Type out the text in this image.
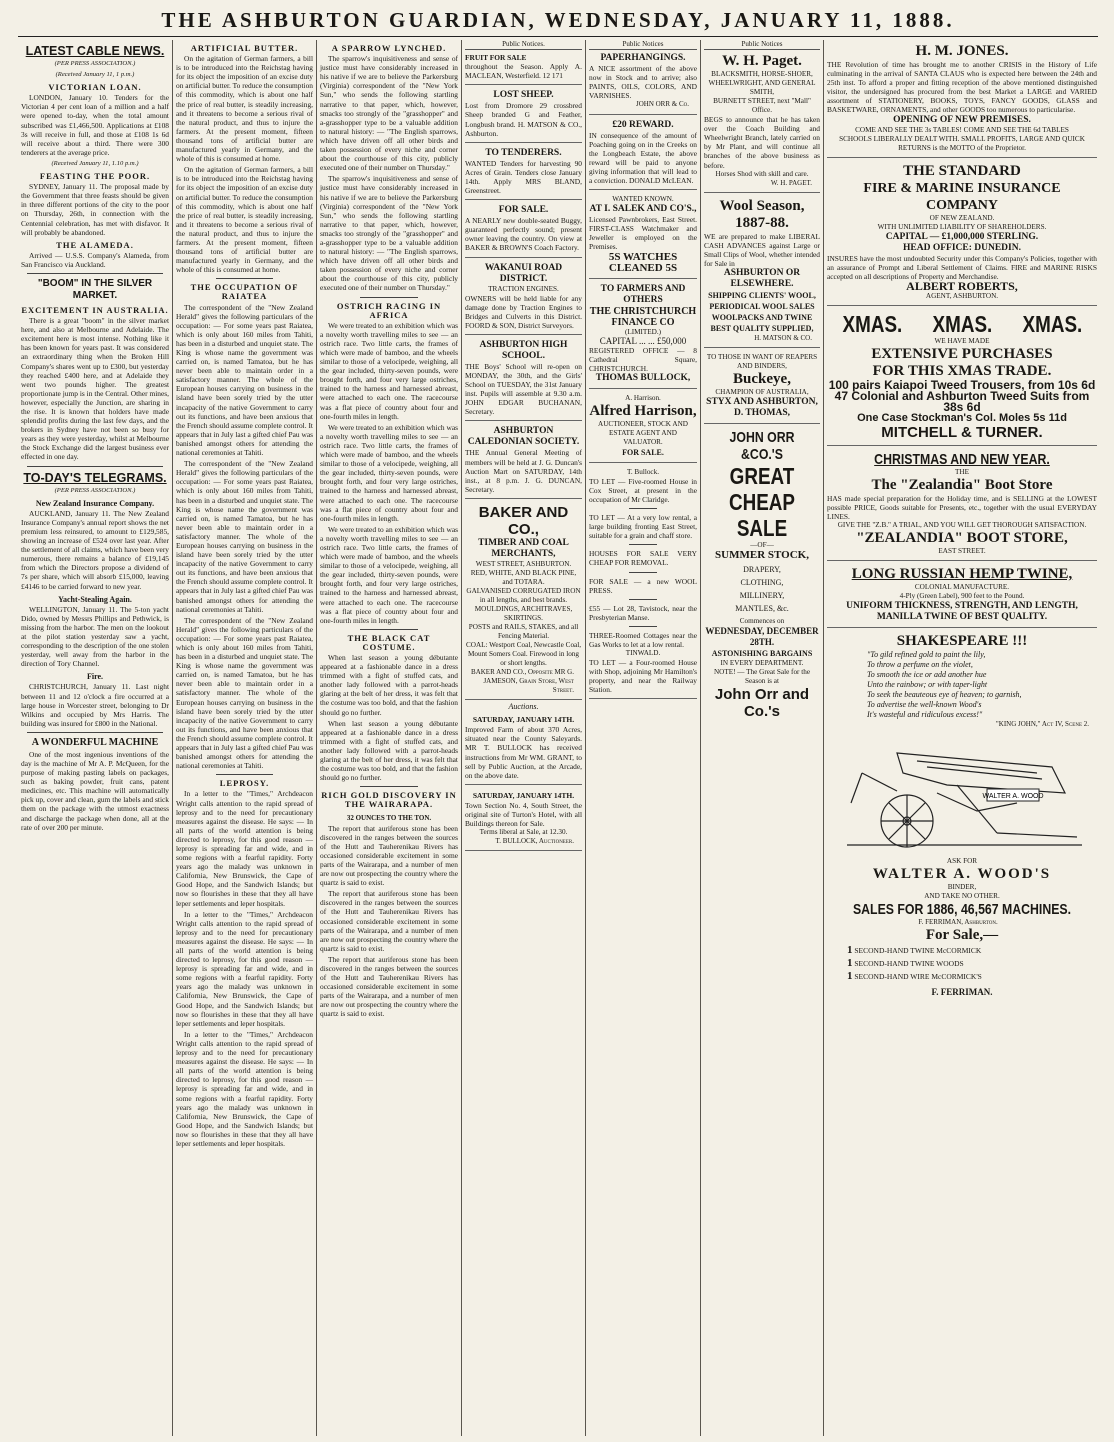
THE ASHBURTON GUARDIAN, WEDNESDAY, JANUARY 11, 1888.
LATEST CABLE NEWS.
(PER PRESS ASSOCIATION.)
(Received January 11, 1 p.m.)
VICTORIAN LOAN.

LONDON, January 10. Tenders for the Victorian 4 per cent loan of a million and a half were opened to-day, when the total amount subscribed was £1,466,500. Applications at £108 3s will receive in full, and those at £108 1s 6d will receive about a third. There were 300 tenderers at the average price.

(Received January 11, 1.10 p.m.)
FEASTING THE POOR.

SYDNEY, January 11. The proposal made by the Government that three feasts should be given in three different portions of the city to the poor on Thursday, 26th, in connection with the Centennial celebration, has met with disfavor. It will probably be abandoned.

THE ALAMEDA.

Arrived — U.S.S. Company's Alameda, from San Francisco via Auckland.

"BOOM" IN THE SILVER MARKET.
EXCITEMENT IN AUSTRALIA.

There is a great "boom" in the silver market here, and also at Melbourne and Adelaide. The excitement here is most intense. Nothing like it has been known for years past. It was considered an extraordinary thing when the Broken Hill Company's shares went up to £300, but yesterday they reached £400 here, and at Adelaide they went two pounds higher. The greatest proportionate jump is in the Central. Other mines, however, especially the Junction, are sharing in the rise. It is known that holders have made splendid profits during the last few days, and the brokers in Sydney have not been so busy for years as they were yesterday, whilst at Melbourne the Stock Exchange did the largest business ever effected in one day.

TO-DAY'S TELEGRAMS.
(PER PRESS ASSOCIATION.)
New Zealand Insurance Company.

AUCKLAND, January 11. The New Zealand Insurance Company's annual report shows the net premium less reinsured, to amount to £129,585, showing an increase of £524 over last year. After the settlement of all claims, which have been very numerous, there remains a balance of £19,145 from which the Directors propose a dividend of 7s per share, which will absorb £15,000, leaving £4146 to be carried forward to new year.

Yacht-Stealing Again.

WELLINGTON, January 11. The 5-ton yacht Dido, owned by Messrs Phillips and Pethwick, is missing from the harbor. The men on the lookout at the pilot station yesterday saw a yacht, corresponding to the description of the one stolen yesterday, well away from the harbor in the direction of Tory Channel.

Fire.

CHRISTCHURCH, January 11. Last night between 11 and 12 o'clock a fire occurred at a large house in Worcester street, belonging to Dr Wilkins and occupied by Mrs Harris. The building was insured for £800 in the National.

A WONDERFUL MACHINE

One of the most ingenious inventions of the day is the machine of Mr A. P. McQueen, for the purpose of making pasting labels on packages, such as baking powder, fruit cans, patent medicines, etc. This machine will automatically pick up, cover and clean, gum the labels and stick them on the package with the utmost exactness and discharge the package when done, all at the rate of over 200 per minute.

ARTIFICIAL BUTTER.

On the agitation of German farmers, a bill is to be introduced into the Reichstag having for its object the imposition of an excise duty on artificial butter. To reduce the consumption of this commodity, which is about one half the price of real butter, is steadily increasing, and it threatens to become a serious rival of the natural product, and thus to injure the farmers. At the present moment, fifteen thousand tons of artificial butter are manufactured yearly in Germany, and the whole of this is consumed at home.

On the agitation of German farmers, a bill is to be introduced into the Reichstag having for its object the imposition of an excise duty on artificial butter. To reduce the consumption of this commodity, which is about one half the price of real butter, is steadily increasing, and it threatens to become a serious rival of the natural product, and thus to injure the farmers. At the present moment, fifteen thousand tons of artificial butter are manufactured yearly in Germany, and the whole of this is consumed at home.

THE OCCUPATION OF RAIATEA

The correspondent of the "New Zealand Herald" gives the following particulars of the occupation: — For some years past Raiatea, which is only about 160 miles from Tahiti, has been in a disturbed and unquiet state. The King is whose name the government was carried on, is named Tamatoa, but he has never been able to maintain order in a satisfactory manner. The whole of the European houses carrying on business in the island have been sorely tried by the utter incapacity of the native Government to carry out its functions, and have been anxious that the French should assume complete control. It appears that in July last a gifted chief Pau was banished amongst others for attending the national ceremonies at Tahiti.

The correspondent of the "New Zealand Herald" gives the following particulars of the occupation: — For some years past Raiatea, which is only about 160 miles from Tahiti, has been in a disturbed and unquiet state. The King is whose name the government was carried on, is named Tamatoa, but he has never been able to maintain order in a satisfactory manner. The whole of the European houses carrying on business in the island have been sorely tried by the utter incapacity of the native Government to carry out its functions, and have been anxious that the French should assume complete control. It appears that in July last a gifted chief Pau was banished amongst others for attending the national ceremonies at Tahiti.

The correspondent of the "New Zealand Herald" gives the following particulars of the occupation: — For some years past Raiatea, which is only about 160 miles from Tahiti, has been in a disturbed and unquiet state. The King is whose name the government was carried on, is named Tamatoa, but he has never been able to maintain order in a satisfactory manner. The whole of the European houses carrying on business in the island have been sorely tried by the utter incapacity of the native Government to carry out its functions, and have been anxious that the French should assume complete control. It appears that in July last a gifted chief Pau was banished amongst others for attending the national ceremonies at Tahiti.

LEPROSY.

In a letter to the "Times," Archdeacon Wright calls attention to the rapid spread of leprosy and to the need for precautionary measures against the disease. He says: — In all parts of the world attention is being directed to leprosy, for this good reason — leprosy is spreading far and wide, and in some regions with a fearful rapidity. Forty years ago the malady was unknown in California, New Brunswick, the Cape of Good Hope, and the Sandwich Islands; but now so flourishes in these that they all have leper settlements and leper hospitals.

In a letter to the "Times," Archdeacon Wright calls attention to the rapid spread of leprosy and to the need for precautionary measures against the disease. He says: — In all parts of the world attention is being directed to leprosy, for this good reason — leprosy is spreading far and wide, and in some regions with a fearful rapidity. Forty years ago the malady was unknown in California, New Brunswick, the Cape of Good Hope, and the Sandwich Islands; but now so flourishes in these that they all have leper settlements and leper hospitals.

In a letter to the "Times," Archdeacon Wright calls attention to the rapid spread of leprosy and to the need for precautionary measures against the disease. He says: — In all parts of the world attention is being directed to leprosy, for this good reason — leprosy is spreading far and wide, and in some regions with a fearful rapidity. Forty years ago the malady was unknown in California, New Brunswick, the Cape of Good Hope, and the Sandwich Islands; but now so flourishes in these that they all have leper settlements and leper hospitals.

A SPARROW LYNCHED.

The sparrow's inquisitiveness and sense of justice must have considerably increased in his native if we are to believe the Parkersburg (Virginia) correspondent of the "New York Sun," who sends the following startling narrative to that paper, which, however, smacks too strongly of the "grasshopper" and a-grasshopper type to be a valuable addition to natural history: — "The English sparrows, which have driven off all other birds and taken possession of every niche and corner about the courthouse of this city, publicly executed one of their number on Thursday."

The sparrow's inquisitiveness and sense of justice must have considerably increased in his native if we are to believe the Parkersburg (Virginia) correspondent of the "New York Sun," who sends the following startling narrative to that paper, which, however, smacks too strongly of the "grasshopper" and a-grasshopper type to be a valuable addition to natural history: — "The English sparrows, which have driven off all other birds and taken possession of every niche and corner about the courthouse of this city, publicly executed one of their number on Thursday."

OSTRICH RACING IN AFRICA

We were treated to an exhibition which was a novelty worth travelling miles to see — an ostrich race. Two little carts, the frames of which were made of bamboo, and the wheels similar to those of a velocipede, weighing, all the gear included, thirty-seven pounds, were brought forth, and four very large ostriches, trained to the harness and harnessed abreast, were attached to each one. The racecourse was a flat piece of country about four and one-fourth miles in length.

We were treated to an exhibition which was a novelty worth travelling miles to see — an ostrich race. Two little carts, the frames of which were made of bamboo, and the wheels similar to those of a velocipede, weighing, all the gear included, thirty-seven pounds, were brought forth, and four very large ostriches, trained to the harness and harnessed abreast, were attached to each one. The racecourse was a flat piece of country about four and one-fourth miles in length.

We were treated to an exhibition which was a novelty worth travelling miles to see — an ostrich race. Two little carts, the frames of which were made of bamboo, and the wheels similar to those of a velocipede, weighing, all the gear included, thirty-seven pounds, were brought forth, and four very large ostriches, trained to the harness and harnessed abreast, were attached to each one. The racecourse was a flat piece of country about four and one-fourth miles in length.

THE BLACK CAT COSTUME.

When last season a young débutante appeared at a fashionable dance in a dress trimmed with a fight of stuffed cats, and another lady followed with a parrot-heads glaring at the belt of her dress, it was felt that the costume was too bold, and that the fashion should go no further.

When last season a young débutante appeared at a fashionable dance in a dress trimmed with a fight of stuffed cats, and another lady followed with a parrot-heads glaring at the belt of her dress, it was felt that the costume was too bold, and that the fashion should go no further.

RICH GOLD DISCOVERY IN THE WAIRARAPA.
32 OUNCES TO THE TON.

The report that auriferous stone has been discovered in the ranges between the sources of the Hutt and Tauherenikau Rivers has occasioned considerable excitement in some parts of the Wairarapa, and a number of men are now out prospecting the country where the quartz is said to exist.

The report that auriferous stone has been discovered in the ranges between the sources of the Hutt and Tauherenikau Rivers has occasioned considerable excitement in some parts of the Wairarapa, and a number of men are now out prospecting the country where the quartz is said to exist.

The report that auriferous stone has been discovered in the ranges between the sources of the Hutt and Tauherenikau Rivers has occasioned considerable excitement in some parts of the Wairarapa, and a number of men are now out prospecting the country where the quartz is said to exist.

Public Notices.
FRUIT FOR SALE
throughout the Season. Apply A. MACLEAN, Westerfield. 12 171
LOST SHEEP.
Lost from Dromore 29 crossbred Sheep branded G and Feather, Longbush brand. H. MATSON & CO., Ashburton.
TO TENDERERS.
WANTED Tenders for harvesting 90 Acres of Grain. Tenders close January 14th. Apply MRS BLAND, Greenstreet.
FOR SALE.
A NEARLY new double-seated Buggy, guaranteed perfectly sound; present owner leaving the country. On view at BAKER & BROWN'S Coach Factory.
WAKANUI ROAD DISTRICT.
TRACTION ENGINES.
OWNERS will be held liable for any damage done by Traction Engines to Bridges and Culverts in this District. FOORD & SON, District Surveyors.
ASHBURTON HIGH SCHOOL.
THE Boys' School will re-open on MONDAY, the 30th, and the Girls' School on TUESDAY, the 31st January inst. Pupils will assemble at 9.30 a.m. JOHN EDGAR BUCHANAN, Secretary.
ASHBURTON CALEDONIAN SOCIETY.
THE Annual General Meeting of members will be held at J. G. Duncan's Auction Mart on SATURDAY, 14th inst., at 8 p.m. J. G. DUNCAN, Secretary.
BAKER AND CO.,
TIMBER AND COAL MERCHANTS,
WEST STREET, ASHBURTON.
RED, WHITE, AND BLACK PINE, and TOTARA.
GALVANISED CORRUGATED IRON in all lengths, and best brands.
MOULDINGS, ARCHITRAVES, SKIRTINGS.
POSTS and RAILS, STAKES, and all Fencing Material.
COAL: Westport Coal, Newcastle Coal, Mount Somers Coal. Firewood in long or short lengths.
BAKER AND CO., Opposite MR G. JAMESON, Grain Store, West Street.
Auctions.
SATURDAY, JANUARY 14TH.
Improved Farm of about 370 Acres, situated near the County Saleyards. MR T. BULLOCK has received instructions from Mr WM. GRANT, to sell by Public Auction, at the Arcade, on the above date.
SATURDAY, JANUARY 14TH.
Town Section No. 4, South Street, the original site of Turton's Hotel, with all Buildings thereon for Sale.
Terms liberal at Sale, at 12.30.
T. BULLOCK, Auctioneer.
Public Notices
PAPERHANGINGS.
A NICE assortment of the above now in Stock and to arrive; also PAINTS, OILS, COLORS, AND VARNISHES.
JOHN ORR & Co.
£20 REWARD.
IN consequence of the amount of Poaching going on in the Creeks on the Longbeach Estate, the above reward will be paid to anyone giving information that will lead to a conviction. DONALD McLEAN.
WANTED KNOWN.
AT I. SALEK AND CO'S.,
Licensed Pawnbrokers, East Street. FIRST-CLASS Watchmaker and Jeweller is employed on the Premises.
5S WATCHES CLEANED 5S
TO FARMERS AND OTHERS
THE CHRISTCHURCH FINANCE CO
(LIMITED.)
CAPITAL ... ... £50,000
REGISTERED OFFICE — 8 Cathedral Square, CHRISTCHURCH.
THOMAS BULLOCK,
A. Harrison.
Alfred Harrison,
AUCTIONEER, STOCK AND ESTATE AGENT AND VALUATOR.
FOR SALE.
T. Bullock.
TO LET — Five-roomed House in Cox Street, at present in the occupation of Mr Claridge.
TO LET — At a very low rental, a large building fronting East Street, suitable for a grain and chaff store.
HOUSES FOR SALE VERY CHEAP FOR REMOVAL.
FOR SALE — a new WOOL PRESS.
£55 — Lot 28, Tavistock, near the Presbyterian Manse.
THREE-Roomed Cottages near the Gas Works to let at a low rental.
TINWALD.
TO LET — a Four-roomed House with Shop, adjoining Mr Hamilton's property, and near the Railway Station.
Public Notices
W. H. Paget.
BLACKSMITH, HORSE-SHOER, WHEELWRIGHT, AND GENERAL SMITH,
BURNETT STREET, next "Mall" Office.
BEGS to announce that he has taken over the Coach Building and Wheelwright Branch, lately carried on by Mr Plant, and will continue all branches of the above business as before.
Horses Shod with skill and care.
W. H. PAGET.
Wool Season,
1887-88.
WE are prepared to make LIBERAL CASH ADVANCES against Large or Small Clips of Wool, whether intended for Sale in
ASHBURTON OR ELSEWHERE.
SHIPPING CLIENTS' WOOL,
PERIODICAL WOOL SALES
WOOLPACKS AND TWINE
BEST QUALITY SUPPLIED,
H. MATSON & CO.
TO THOSE IN WANT OF REAPERS AND BINDERS,
Buckeye,
CHAMPION OF AUSTRALIA,
STYX AND ASHBURTON,
D. THOMAS,
JOHN ORR &CO.'S
GREAT
CHEAP SALE
—OF—
SUMMER STOCK,
DRAPERY,
CLOTHING,
MILLINERY,
MANTLES, &c.
Commences on
WEDNESDAY, DECEMBER 28TH.
ASTONISHING BARGAINS
IN EVERY DEPARTMENT.
NOTE! — The Great Sale for the Season is at
John Orr and Co.'s
H. M. JONES.
THE Revolution of time has brought me to another CRISIS in the History of Life culminating in the arrival of SANTA CLAUS who is expected here between the 24th and 25th inst. To afford a proper and fitting reception of the above mentioned distinguished visitor, the undersigned has procured from the best Market a LARGE and VARIED assortment of STATIONERY, BOOKS, TOYS, FANCY GOODS, GLASS and BASKETWARE, ORNAMENTS, and other GOODS too numerous to particularise.
OPENING OF NEW PREMISES.
COME AND SEE THE 3s TABLES! COME AND SEE THE 6d TABLES
SCHOOLS LIBERALLY DEALT WITH. SMALL PROFITS, LARGE AND QUICK RETURNS is the MOTTO of the Proprietor.
THE STANDARD
FIRE & MARINE INSURANCE COMPANY
OF NEW ZEALAND.
WITH UNLIMITED LIABILITY OF SHAREHOLDERS.
CAPITAL — £1,000,000 STERLING.
HEAD OFFICE: DUNEDIN.
INSURES have the most undoubted Security under this Company's Policies, together with an assurance of Prompt and Liberal Settlement of Claims. FIRE and MARINE RISKS accepted on all descriptions of Property and Merchandise.
ALBERT ROBERTS,
AGENT, ASHBURTON.
XMAS. XMAS. XMAS.
WE HAVE MADE
EXTENSIVE PURCHASES
FOR THIS XMAS TRADE.
100 pairs Kaiapoi Tweed Trousers, from 10s 6d
47 Colonial and Ashburton Tweed Suits from 38s 6d
One Case Stockman's Col. Moles 5s 11d
MITCHELL & TURNER.
CHRISTMAS AND NEW YEAR.
THE
The "Zealandia" Boot Store
HAS made special preparation for the Holiday time, and is SELLING at the LOWEST possible PRICE, Goods suitable for Presents, etc., together with the usual EVERYDAY LINES.
GIVE THE "Z.B." A TRIAL, AND YOU WILL GET THOROUGH SATISFACTION.
"ZEALANDIA" BOOT STORE,
EAST STREET.
LONG RUSSIAN HEMP TWINE,
COLONIAL MANUFACTURE.
4-Ply (Green Label), 900 feet to the Pound.
UNIFORM THICKNESS, STRENGTH, AND LENGTH,
MANILLA TWINE OF BEST QUALITY.
SHAKESPEARE !!!
"To gild refined gold to paint the lily,
To throw a perfume on the violet,
To smooth the ice or add another hue
Unto the rainbow; or with taper-light
To seek the beauteous eye of heaven; to garnish,
To advertise the well-known Wood's
It's wasteful and ridiculous excess!"
"KING JOHN," Act IV, Scene 2.
WALTER A. WOOD
ASK FOR
WALTER A. WOOD'S
BINDER,
AND TAKE NO OTHER.
SALES FOR 1886, 46,567 MACHINES.
F. FERRIMAN, Ashburton.
For Sale,—
1 SECOND-HAND TWINE McCORMICK
1 SECOND-HAND TWINE WOODS
1 SECOND-HAND WIRE McCORMICK'S
F. FERRIMAN.
